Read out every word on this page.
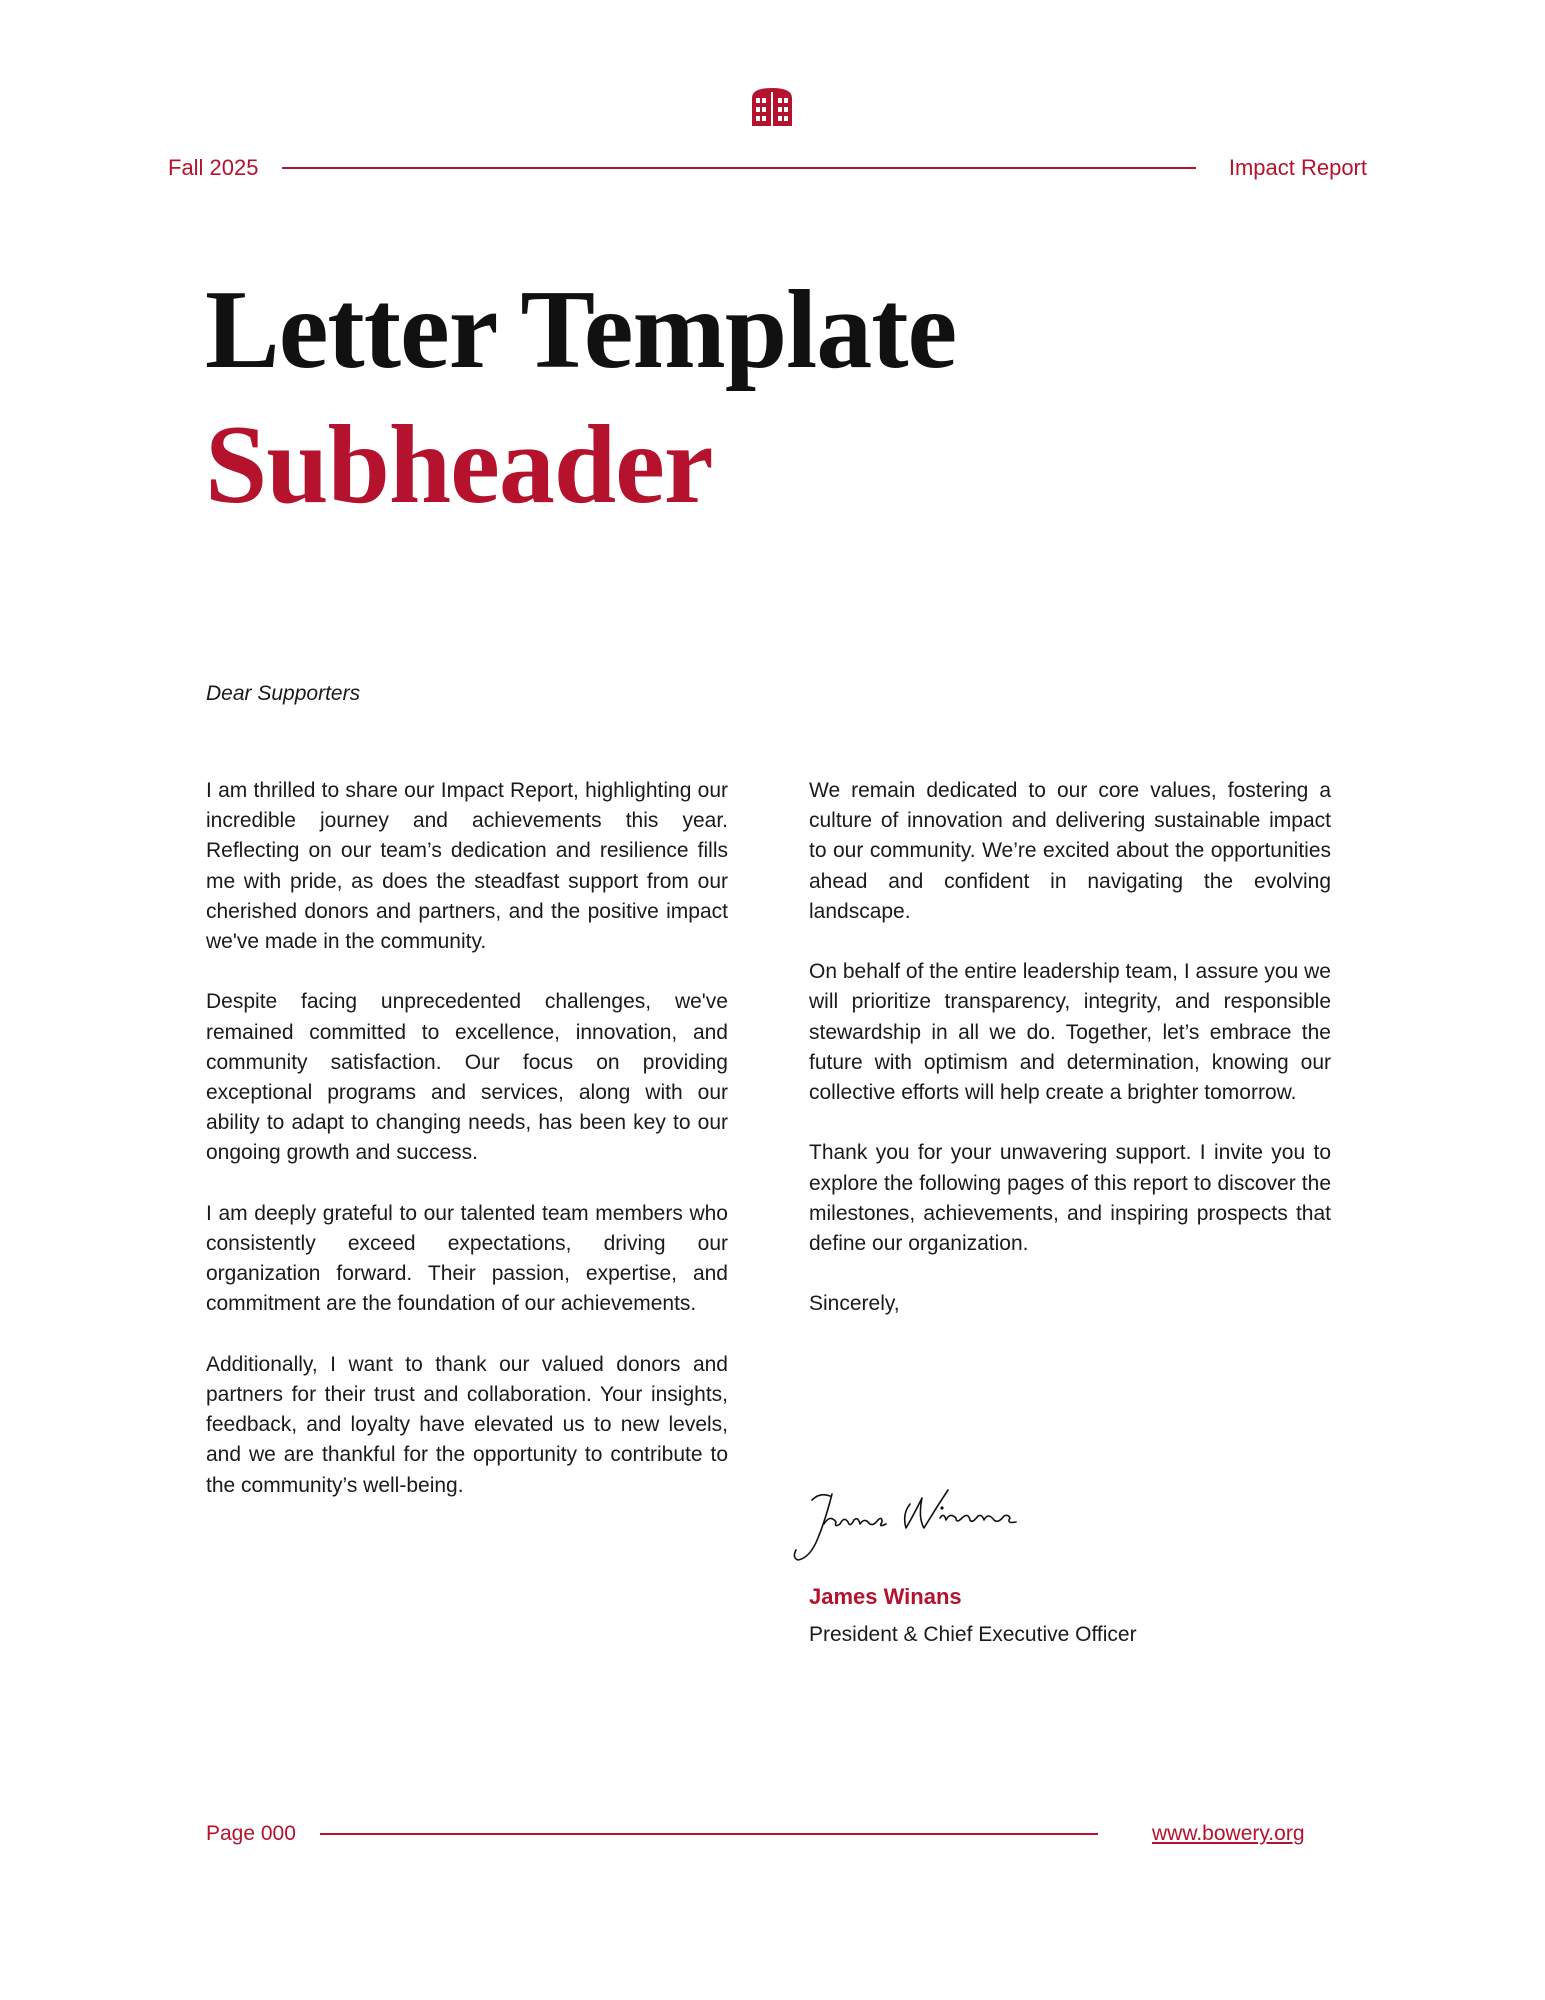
Fall 2025	Impact Report
Letter Template
Subheader
Dear Supporters

I am thrilled to share our Impact Report, highlighting our incredible journey and achievements this year. Reflecting on our team’s dedication and resilience fills me with pride, as does the steadfast support from our cherished donors and partners, and the positive impact we've made in the community.

Despite facing unprecedented challenges, we've remained committed to excellence, innovation, and community satisfaction. Our focus on providing exceptional programs and services, along with our ability to adapt to changing needs, has been key to our ongoing growth and success.

I am deeply grateful to our talented team members who consistently exceed expectations, driving our organization forward. Their passion, expertise, and commitment are the foundation of our achievements.

Additionally, I want to thank our valued donors and partners for their trust and collaboration. Your insights, feedback, and loyalty have elevated us to new levels, and we are thankful for the opportunity to contribute to the community’s well-being.

We remain dedicated to our core values, fostering a culture of innovation and delivering sustainable impact to our community. We’re excited about the opportunities ahead and confident in navigating the evolving landscape.

On behalf of the entire leadership team, I assure you we will prioritize transparency, integrity, and responsible stewardship in all we do. Together, let’s embrace the future with optimism and determination, knowing our collective efforts will help create a brighter tomorrow.

Thank you for your unwavering support. I invite you to explore the following pages of this report to discover the milestones, achievements, and inspiring prospects that define our organization.

Sincerely,

James Winans
President & Chief Executive Officer
Page 000	www.bowery.org
